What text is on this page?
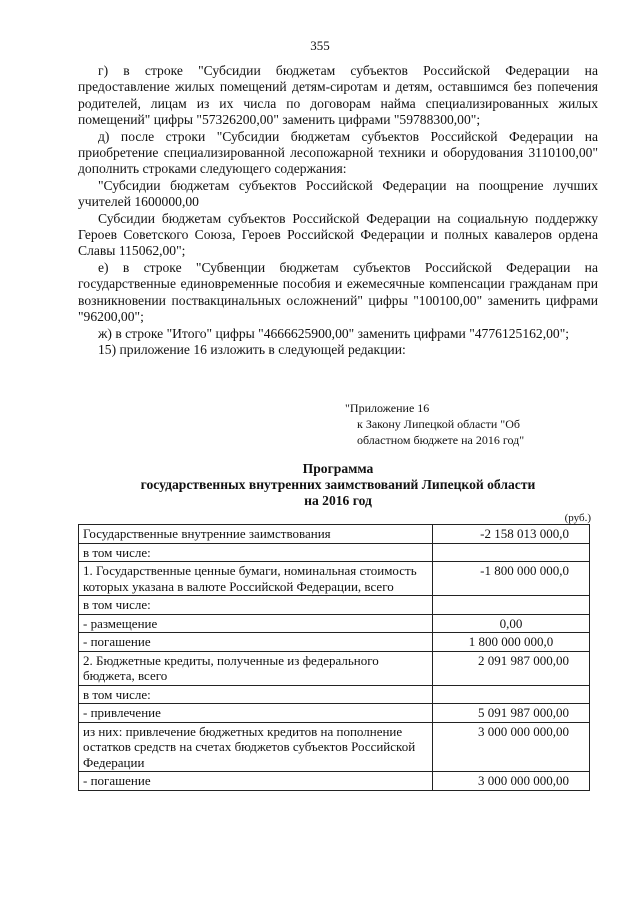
355

г) в строке "Субсидии бюджетам субъектов Российской Федерации на предоставление жилых помещений детям-сиротам и детям, оставшимся без попечения родителей, лицам из их числа по договорам найма специализированных жилых помещений" цифры "57326200,00" заменить цифрами "59788300,00";

д) после строки "Субсидии бюджетам субъектов Российской Федерации на приобретение специализированной лесопожарной техники и оборудования 3110100,00" дополнить строками следующего содержания:

"Субсидии бюджетам субъектов Российской Федерации на поощрение лучших учителей 1600000,00

Субсидии бюджетам субъектов Российской Федерации на социальную поддержку Героев Советского Союза, Героев Российской Федерации и полных кавалеров ордена Славы 115062,00";

е) в строке "Субвенции бюджетам субъектов Российской Федерации на государственные единовременные пособия и ежемесячные компенсации гражданам при возникновении поствакцинальных осложнений" цифры "100100,00" заменить цифрами "96200,00";

ж) в строке "Итого" цифры "4666625900,00" заменить цифрами "4776125162,00";

15) приложение 16 изложить в следующей редакции:

"Приложение 16
к Закону Липецкой области "Об
областном бюджете на 2016 год"
Программа
государственных внутренних заимствований Липецкой области
на 2016 год
(руб.)
Государственные внутренние заимствования	-2 158 013 000,0
в том числе:	
1. Государственные ценные бумаги, номинальная стоимость которых указана в валюте Российской Федерации, всего	-1 800 000 000,0
в том числе:	
- размещение	0,00
- погашение	1 800 000 000,0
2. Бюджетные кредиты, полученные из федерального бюджета, всего	2 091 987 000,00
в том числе:	
- привлечение	5 091 987 000,00
из них: привлечение бюджетных кредитов на пополнение остатков средств на счетах бюджетов субъектов Российской Федерации	3 000 000 000,00
- погашение	3 000 000 000,00
